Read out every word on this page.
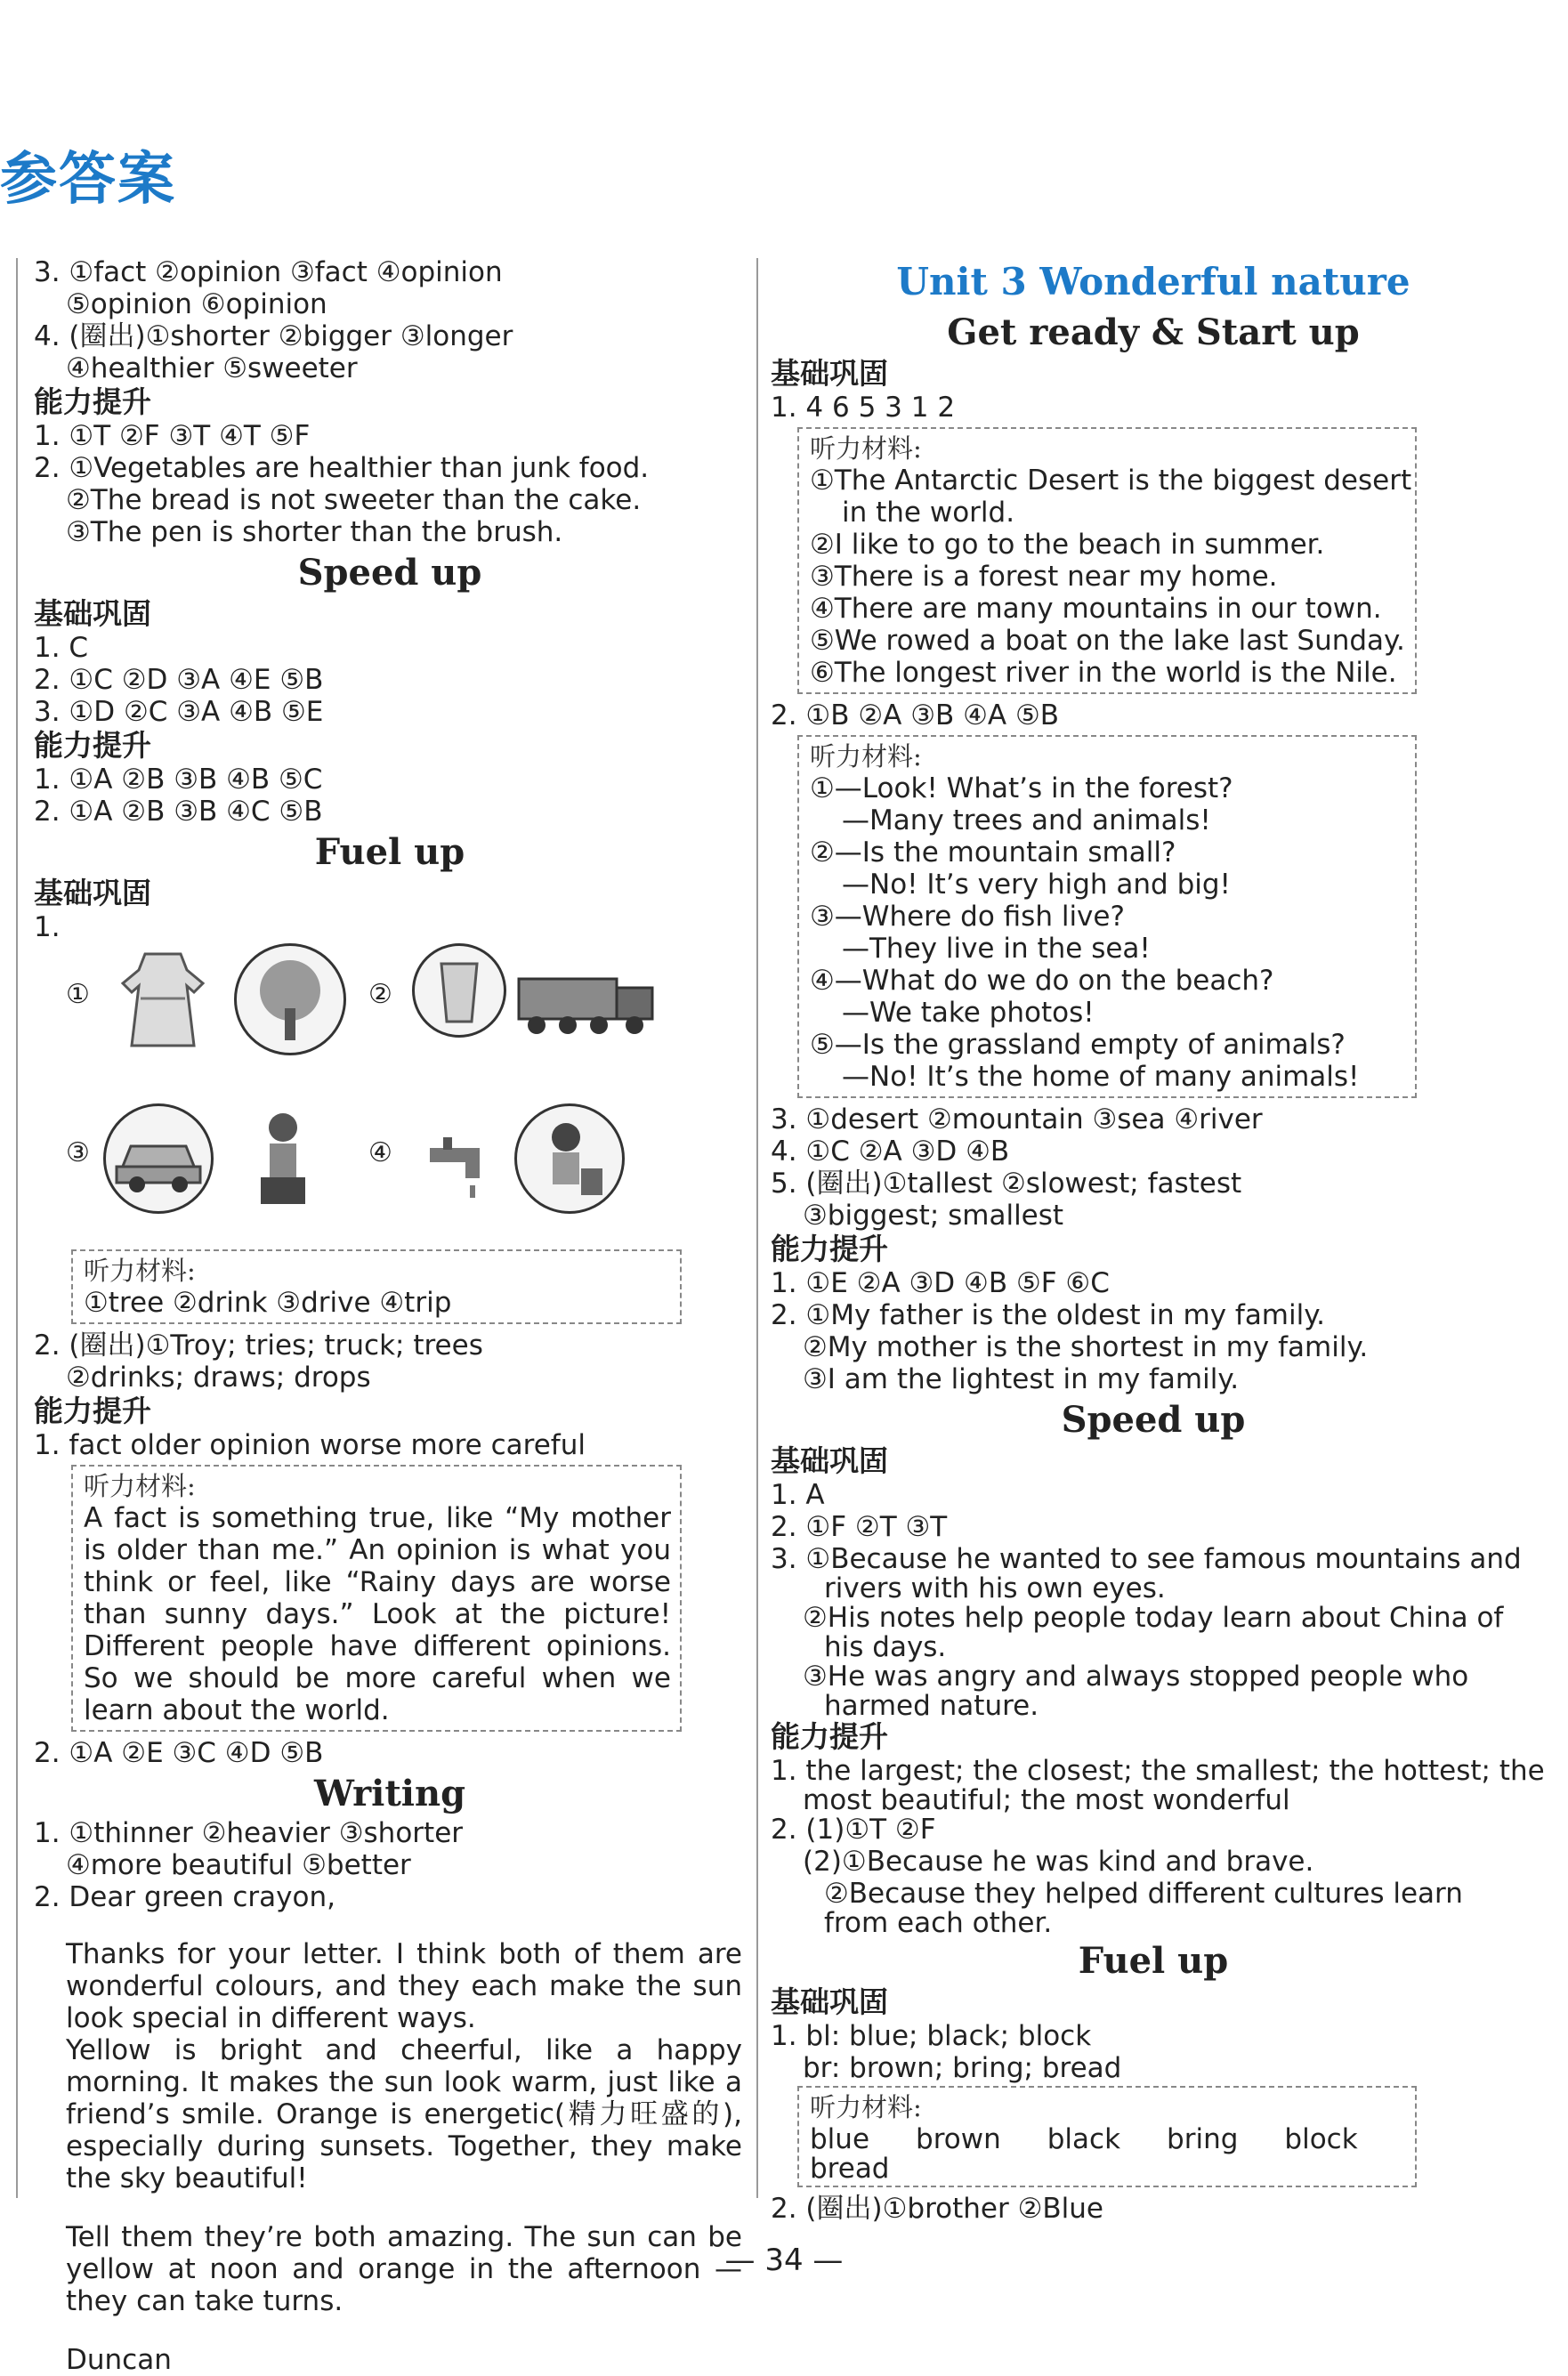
参答案

3. ①fact ②opinion ③fact ④opinion

⑤opinion ⑥opinion

4. (圈出)①shorter ②bigger ③longer

④healthier ⑤sweeter

能力提升

1. ①T ②F ③T ④T ⑤F

2. ①Vegetables are healthier than junk food.

②The bread is not sweeter than the cake.

③The pen is shorter than the brush.

Speed up
基础巩固

1. C

2. ①C ②D ③A ④E ⑤B

3. ①D ②C ③A ④B ⑤E

能力提升

1. ①A ②B ③B ④B ⑤C

2. ①A ②B ③B ④C ⑤B

Fuel up
基础巩固

1.

①	②
③	④
听力材料:

①tree ②drink ③drive ④trip

2. (圈出)①Troy; tries; truck; trees

②drinks; draws; drops

能力提升

1. fact older opinion worse more careful

听力材料:

A fact is something true, like “My mother is older than me.” An opinion is what you think or feel, like “Rainy days are worse than sunny days.” Look at the picture! Different people have different opinions. So we should be more careful when we learn about the world.

2. ①A ②E ③C ④D ⑤B

Writing

1. ①thinner ②heavier ③shorter

④more beautiful ⑤better

2. Dear green crayon,

Thanks for your letter. I think both of them are wonderful colours, and they each make the sun look special in different ways.

Yellow is bright and cheerful, like a happy morning. It makes the sun look warm, just like a friend’s smile. Orange is energetic(精力旺盛的), especially during sunsets. Together, they make the sky beautiful!

Tell them they’re both amazing. The sun can be yellow at noon and orange in the afternoon — they can take turns.

Duncan

Unit 3 Wonderful nature
Get ready & Start up
基础巩固

1. 4 6 5 3 1 2

听力材料:

①The Antarctic Desert is the biggest desert

in the world.

②I like to go to the beach in summer.

③There is a forest near my home.

④There are many mountains in our town.

⑤We rowed a boat on the lake last Sunday.

⑥The longest river in the world is the Nile.

2. ①B ②A ③B ④A ⑤B

听力材料:

①—Look! What’s in the forest?

—Many trees and animals!

②—Is the mountain small?

—No! It’s very high and big!

③—Where do fish live?

—They live in the sea!

④—What do we do on the beach?

—We take photos!

⑤—Is the grassland empty of animals?

—No! It’s the home of many animals!

3. ①desert ②mountain ③sea ④river

4. ①C ②A ③D ④B

5. (圈出)①tallest ②slowest; fastest

③biggest; smallest

能力提升

1. ①E ②A ③D ④B ⑤F ⑥C

2. ①My father is the oldest in my family.

②My mother is the shortest in my family.

③I am the lightest in my family.

Speed up
基础巩固

1. A

2. ①F ②T ③T

3. ①Because he wanted to see famous mountains and

rivers with his own eyes.

②His notes help people today learn about China of

his days.

③He was angry and always stopped people who

harmed nature.

能力提升

1. the largest; the closest; the smallest; the hottest; the

most beautiful; the most wonderful

2. (1)①T ②F

(2)①Because he was kind and brave.

②Because they helped different cultures learn

from each other.

Fuel up
基础巩固

1. bl: blue; black; block

br: brown; bring; bread

听力材料:
blue brown black bring block

bread

2. (圈出)①brother ②Blue

— 34 —
